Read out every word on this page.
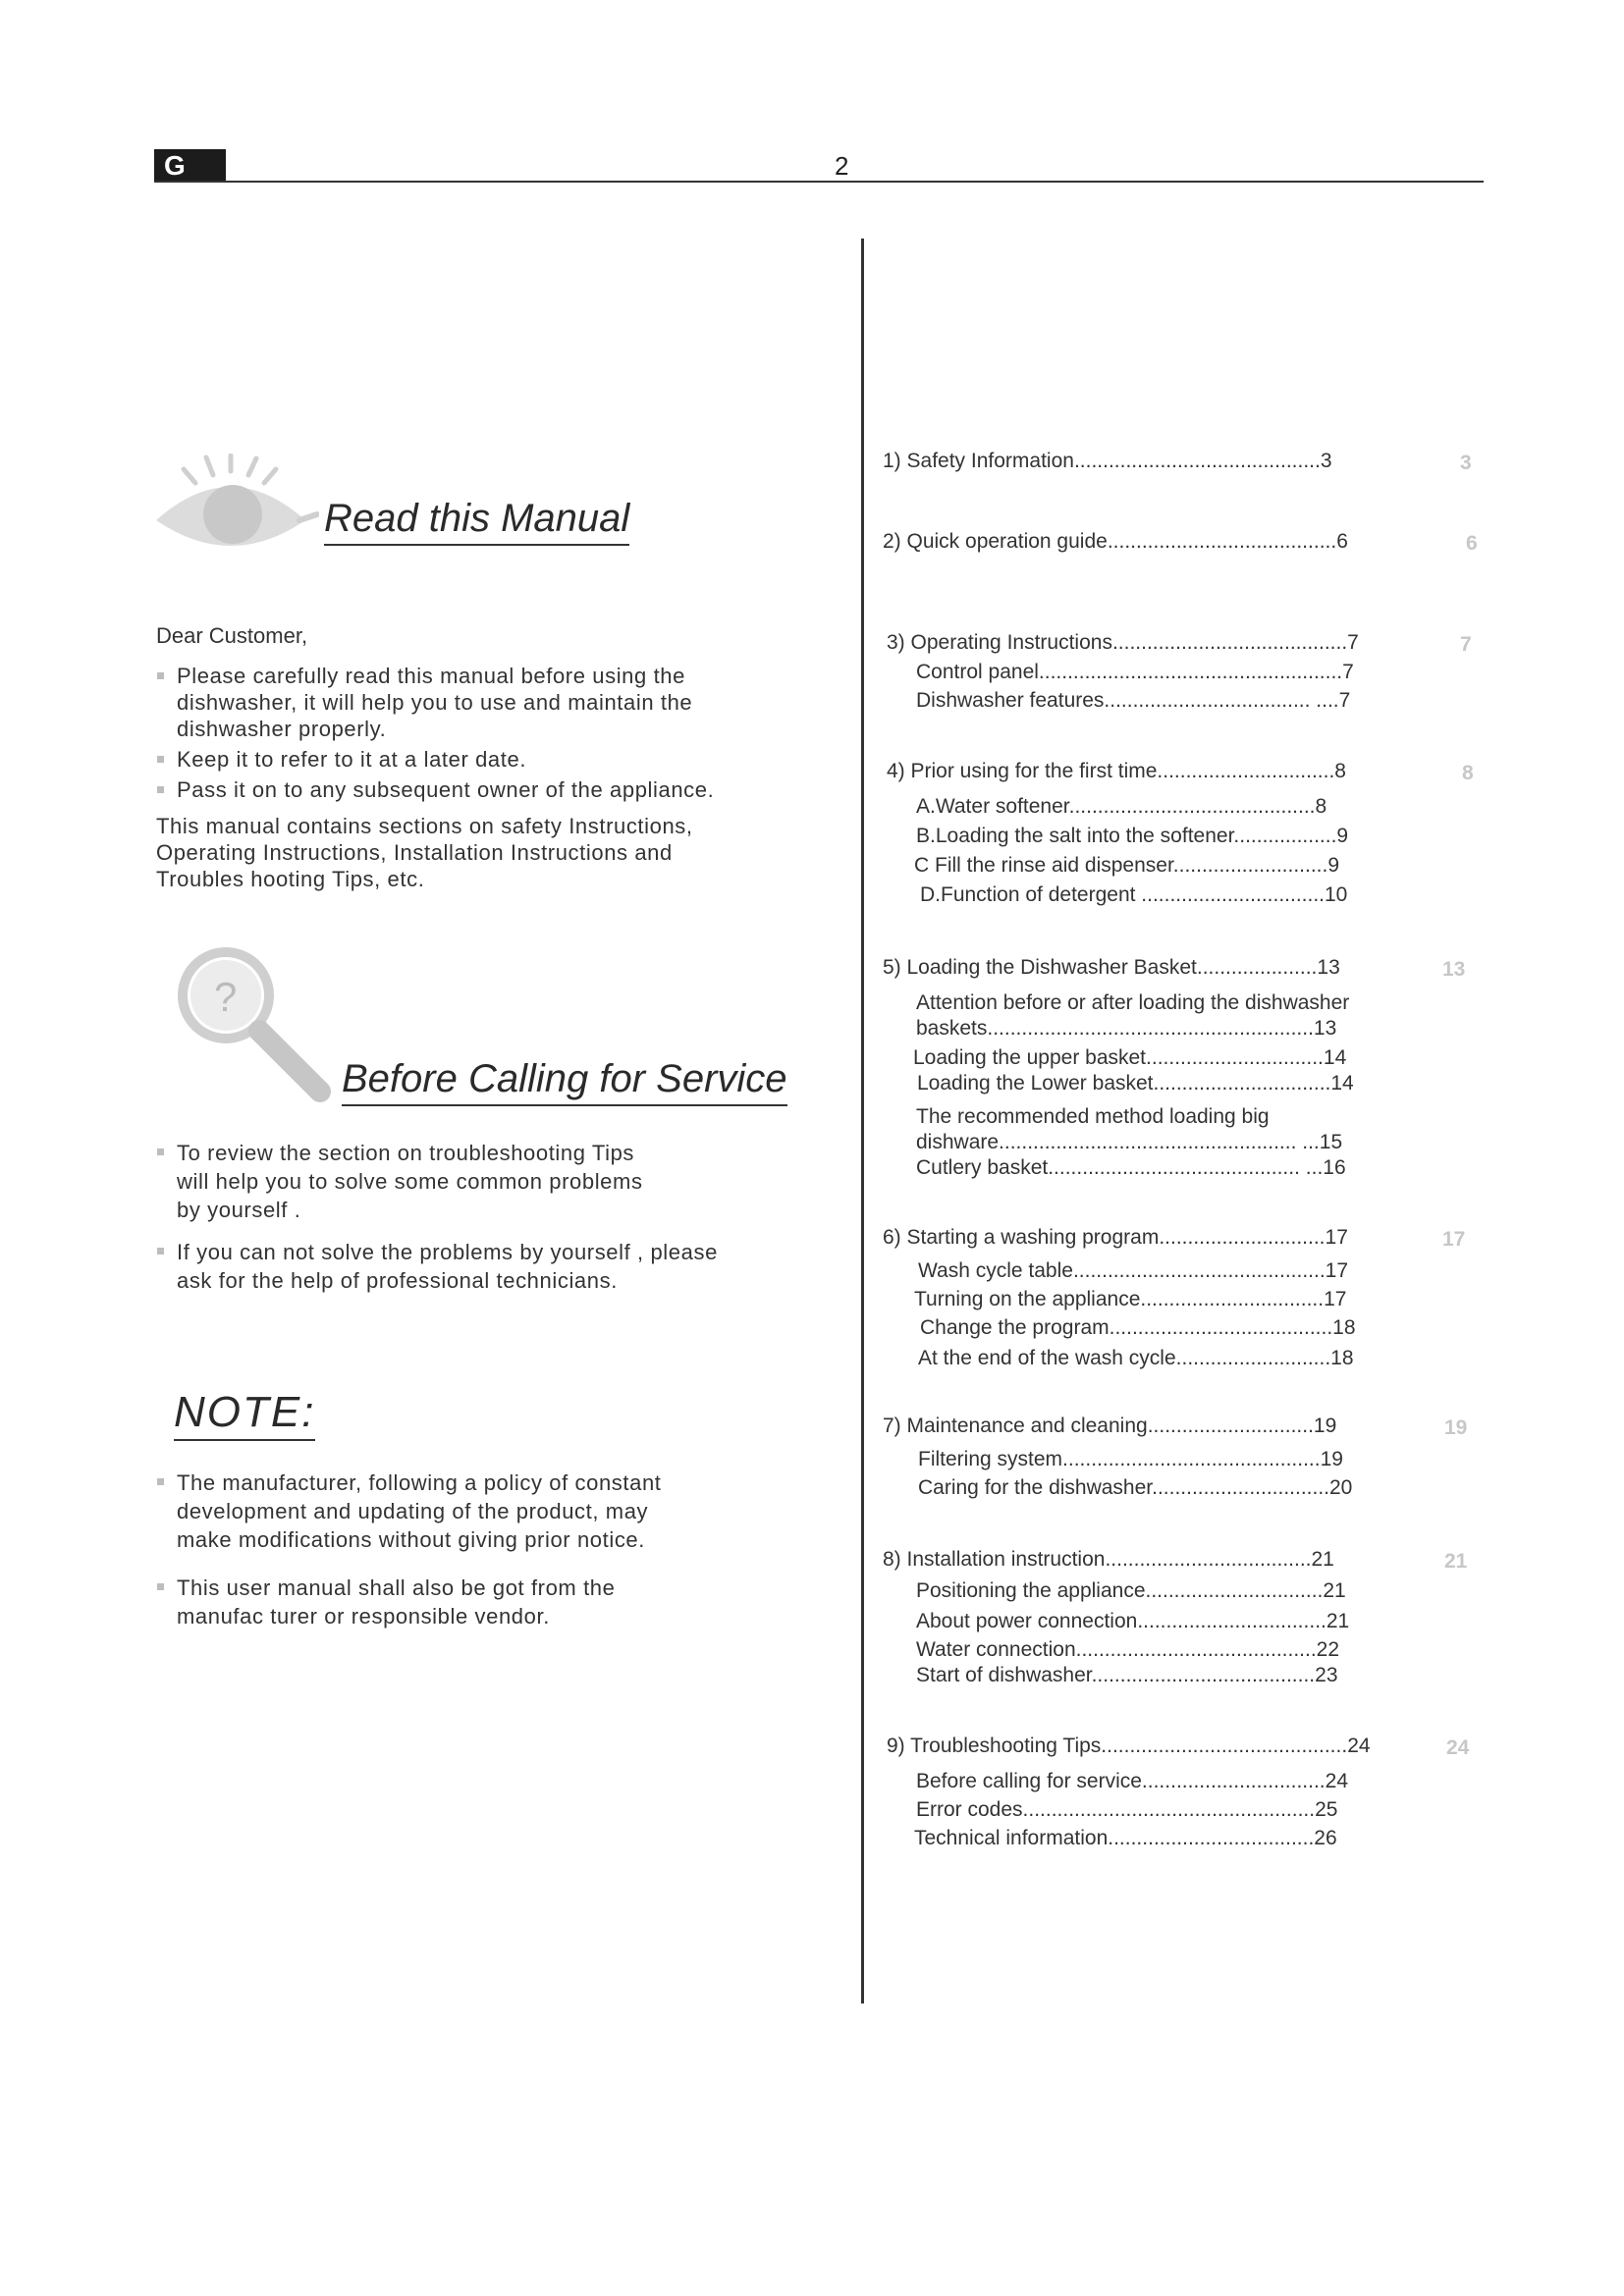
G	2
Read this Manual

Dear Customer,

Please carefully read this manual before using the dishwasher, it will help you to use and maintain the dishwasher properly.
Keep it to refer to it at a later date.
Pass it on to any subsequent owner of the appliance.

This manual contains sections on safety Instructions, Operating Instructions, Installation Instructions and Troubles hooting Tips, etc.

?
Before Calling for Service
To review the section on troubleshooting Tips will help you to solve some common problems by yourself .
If you can not solve the problems by yourself , please ask for the help of professional technicians.
NOTE:
The manufacturer, following a policy of constant development and updating of the product, may make modifications without giving prior notice.
This user manual shall also be got from the manufac turer or responsible vendor.
1) Safety Information...........................................3	3
2) Quick operation guide........................................6	6
3) Operating Instructions.........................................7	7
Control panel.....................................................7
Dishwasher features.................................... ....7
4) Prior using for the first time...............................8	8
A.Water softener...........................................8
B.Loading the salt into the softener..................9
C Fill the rinse aid dispenser...........................9
D.Function of detergent ................................10
5) Loading the Dishwasher Basket.....................13	13
Attention before or after loading the dishwasher
baskets.........................................................13
Loading the upper basket...............................14
Loading the Lower basket...............................14
The recommended method loading big
dishware.................................................... ...15
Cutlery basket............................................ ...16
6) Starting a washing program.............................17	17
Wash cycle table............................................17
Turning on the appliance................................17
Change the program.......................................18
At the end of the wash cycle...........................18
7) Maintenance and cleaning.............................19	19
Filtering system.............................................19
Caring for the dishwasher...............................20
8) Installation instruction....................................21	21
Positioning the appliance...............................21
About power connection.................................21
Water connection..........................................22
Start of dishwasher.......................................23
9) Troubleshooting Tips...........................................24	24
Before calling for service................................24
Error codes...................................................25
Technical information....................................26
